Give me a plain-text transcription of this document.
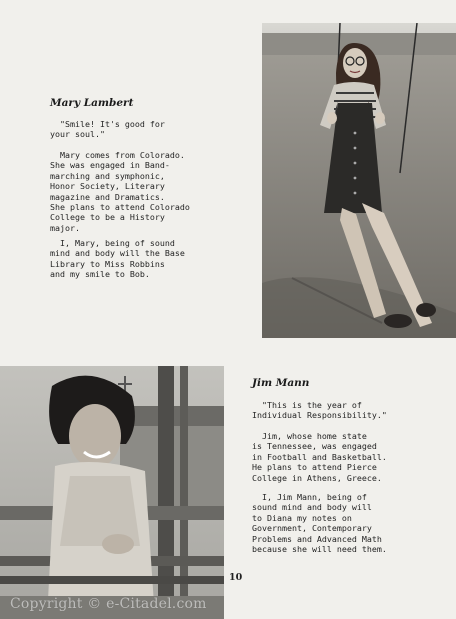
Mary Lambert
"Smile! It's good for
your soul."
Mary comes from Colorado.
She was engaged in Band-
marching and symphonic,
Honor Society, Literary
magazine and Dramatics.
She plans to attend Colorado
College to be a History
major.
I, Mary, being of sound
mind and body will the Base
Library to Miss Robbins
and my smile to Bob.
Jim Mann
"This is the year of
Individual Responsibility."
Jim, whose home state
is Tennessee, was engaged
in Football and Basketball.
He plans to attend Pierce
College in Athens, Greece.
I, Jim Mann, being of
sound mind and body will
to Diana my notes on
Government, Contemporary
Problems and Advanced Math
because she will need them.
10
Copyright © e-Citadel.com
